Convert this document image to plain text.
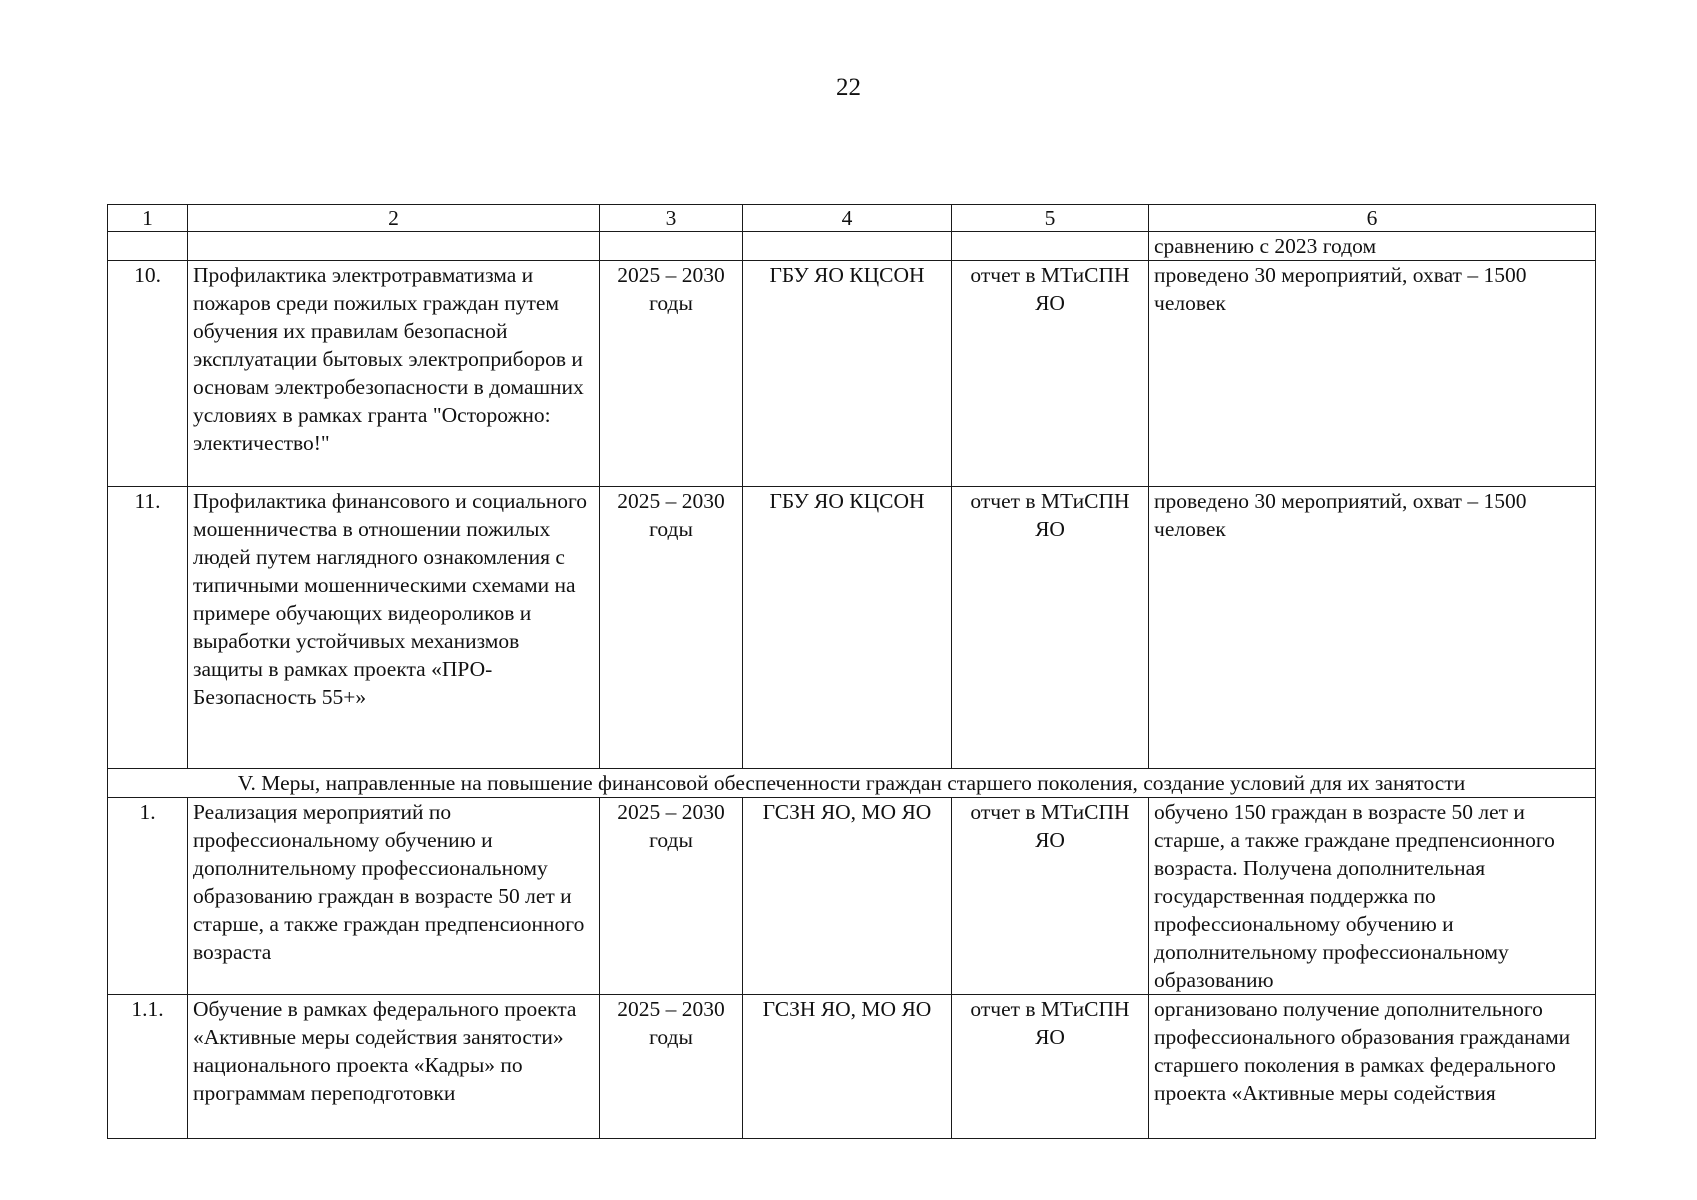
22
1	2	3	4	5	6
					сравнению с 2023 годом
10.	Профилактика электротравматизма и пожаров среди пожилых граждан путем обучения их правилам безопасной эксплуатации бытовых электроприборов и основам электробезопасности в домашних условиях в рамках гранта "Осторожно: электичество!"	2025 – 2030 годы	ГБУ ЯО КЦСОН	отчет в МТиСПН ЯО	проведено 30 мероприятий, охват – 1500 человек
11.	Профилактика финансового и социального мошенничества в отношении пожилых людей путем наглядного ознакомления с типичными мошенническими схемами на примере обучающих видеороликов и выработки устойчивых механизмов защиты в рамках проекта «ПРО-Безопасность 55+»	2025 – 2030 годы	ГБУ ЯО КЦСОН	отчет в МТиСПН ЯО	проведено 30 мероприятий, охват – 1500 человек
V. Меры, направленные на повышение финансовой обеспеченности граждан старшего поколения, создание условий для их занятости					
1.	Реализация мероприятий по профессиональному обучению и дополнительному профессиональному образованию граждан в возрасте 50 лет и старше, а также граждан предпенсионного возраста	2025 – 2030 годы	ГСЗН ЯО, МО ЯО	отчет в МТиСПН ЯО	обучено 150 граждан в возрасте 50 лет и старше, а также граждане предпенсионного возраста. Получена дополнительная государственная поддержка по профессиональному обучению и дополнительному профессиональному образованию
1.1.	Обучение в рамках федерального проекта «Активные меры содействия занятости» национального проекта «Кадры» по программам переподготовки	2025 – 2030 годы	ГСЗН ЯО, МО ЯО	отчет в МТиСПН ЯО	организовано получение дополнительного профессионального образования гражданами старшего поколения в рамках федерального проекта «Активные меры содействия
